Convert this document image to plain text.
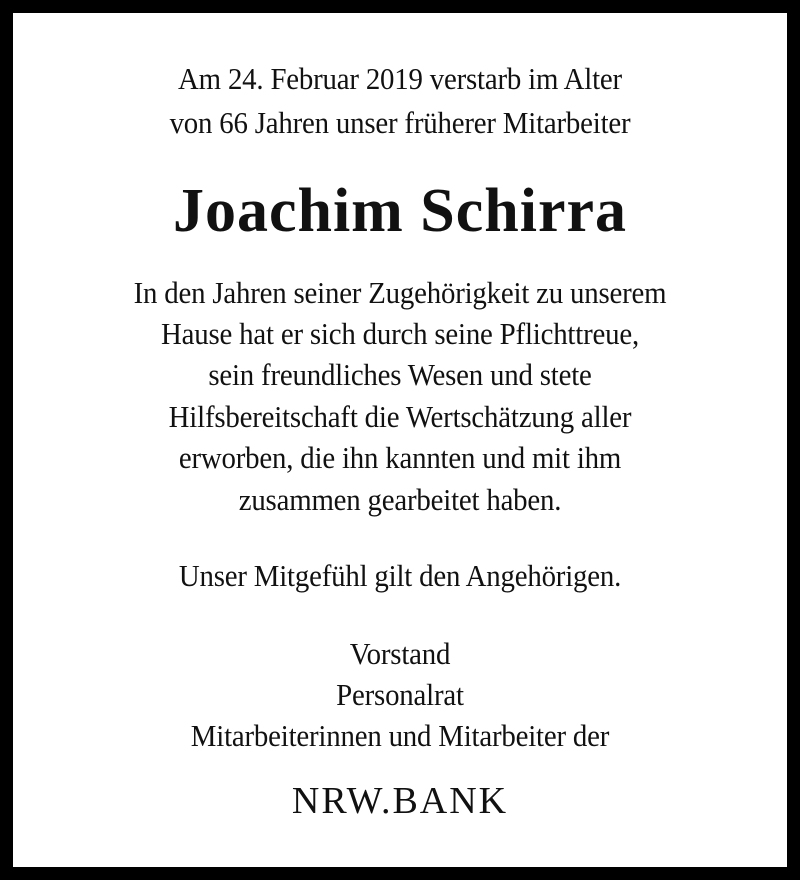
Am 24. Februar 2019 verstarb im Alter
von 66 Jahren unser früherer Mitarbeiter
Joachim Schirra
In den Jahren seiner Zugehörigkeit zu unserem
Hause hat er sich durch seine Pflichttreue,
sein freundliches Wesen und stete
Hilfsbereitschaft die Wertschätzung aller
erworben, die ihn kannten und mit ihm
zusammen gearbeitet haben.
Unser Mitgefühl gilt den Angehörigen.
Vorstand
Personalrat
Mitarbeiterinnen und Mitarbeiter der
NRW.BANK
